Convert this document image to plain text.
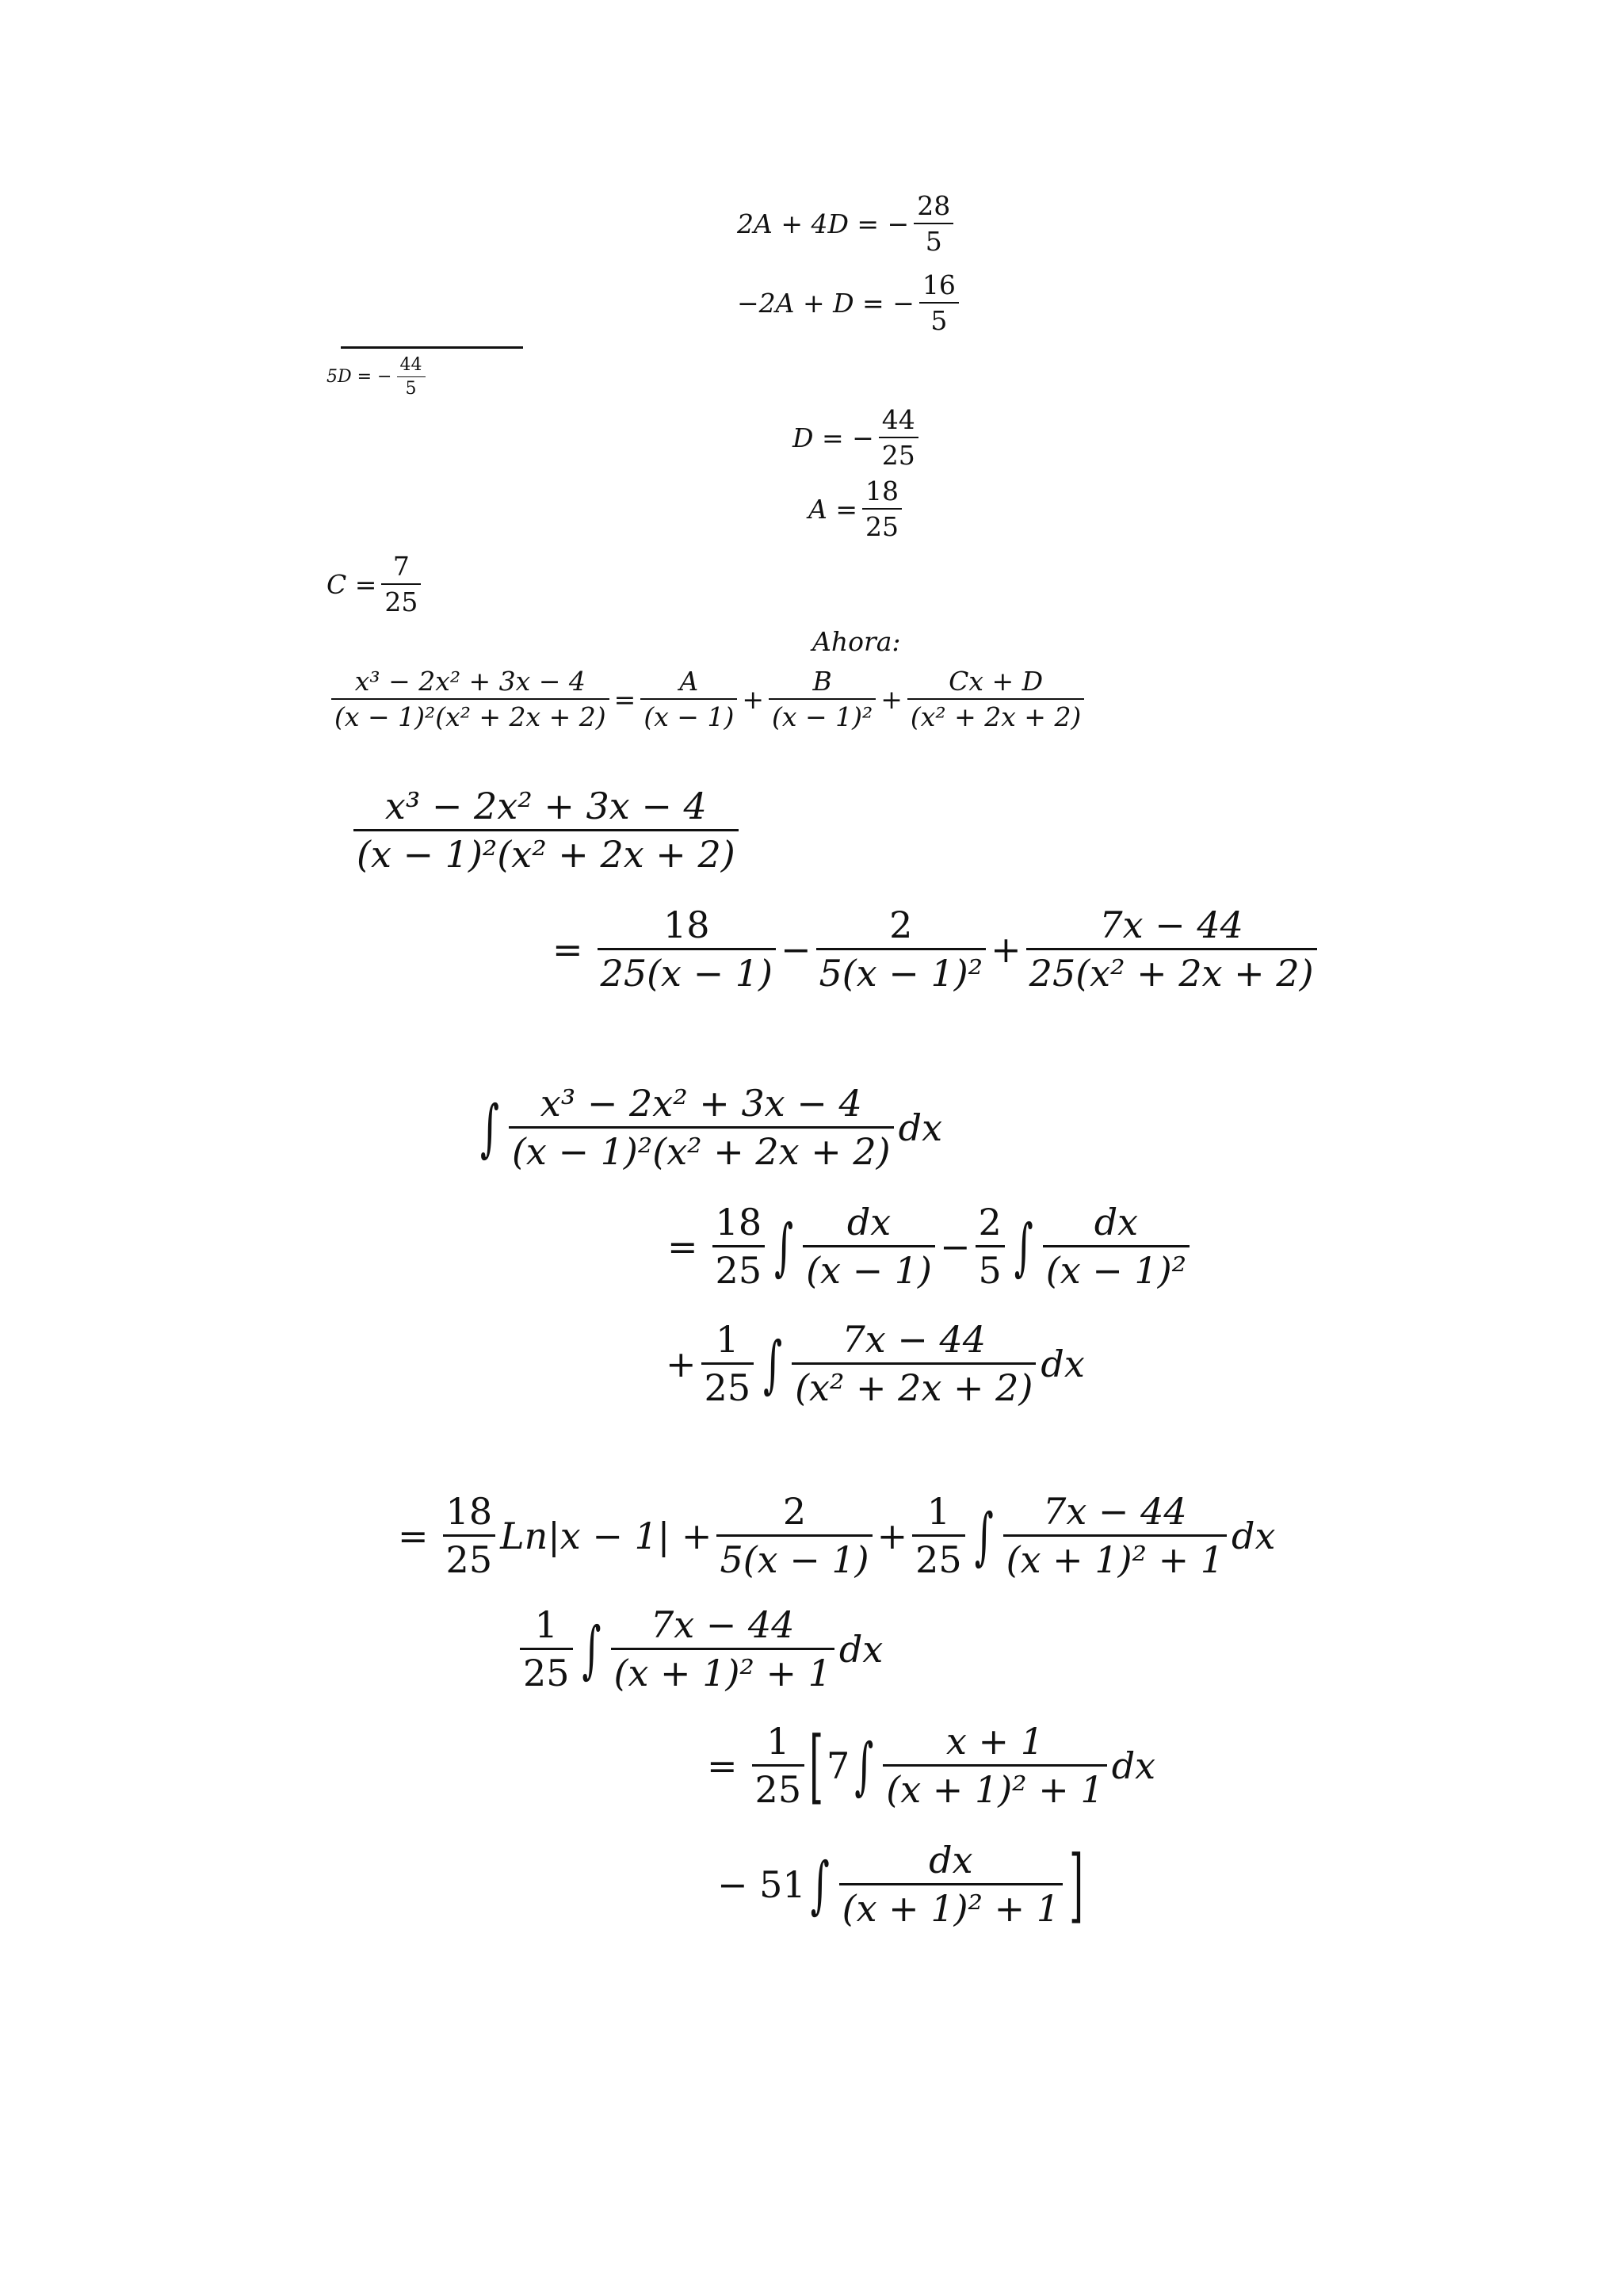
2A + 4D = − $\frac{28}{5}$
−2A + D = − $\frac{16}{5}$
5D = − $\frac{44}{5}$
D = − $\frac{44}{25}$
$A = \frac{18}{25}$
$C = \frac{7}{25}$
Ahora:
$\frac{\text{x³ − 2x² + 3x − 4}}{\text{(x − 1)²(x² + 2x + 2)}} = \frac{A}{(x - 1)} + \frac{B}{\text{(x − 1)²}} + \frac{Cx + D}{\text{(x² + 2x + 2)}}$
$\frac{\text{x³ − 2x² + 3x − 4}}{\text{(x − 1)²(x² + 2x + 2)}}$
= $\frac{18}{25(x - 1)} - \frac{2}{\text{5(x − 1)²}} + \frac{7x - 44}{\text{25(x² + 2x + 2)}}$
∫ $\frac{\text{x³ − 2x² + 3x − 4}}{\text{(x − 1)²(x² + 2x + 2)}}$ dx
= $\frac{18}{25}$ ∫ $\frac{dx}{(x - 1)} - \frac{2}{5}$ ∫ $\frac{dx}{\text{(x − 1)²}}$
+ $\frac{1}{25}$ ∫ $\frac{7x - 44}{\text{(x² + 2x + 2)}}$ dx
= $\frac{18}{25} Ln|x - 1| + \frac{2}{5(x - 1)} + \frac{1}{25}$ ∫ $\frac{7x - 44}{\text{(x + 1)² + 1}}$ dx
$\frac{1}{25}$ ∫ $\frac{7x - 44}{\text{(x + 1)² + 1}}$ dx
= $\frac{1}{25}$ [ 7 ∫ $\frac{x + 1}{\text{(x + 1)² + 1}}$ dx
− 51 ∫ $\frac{dx}{\text{(x + 1)² + 1}}$ ]
